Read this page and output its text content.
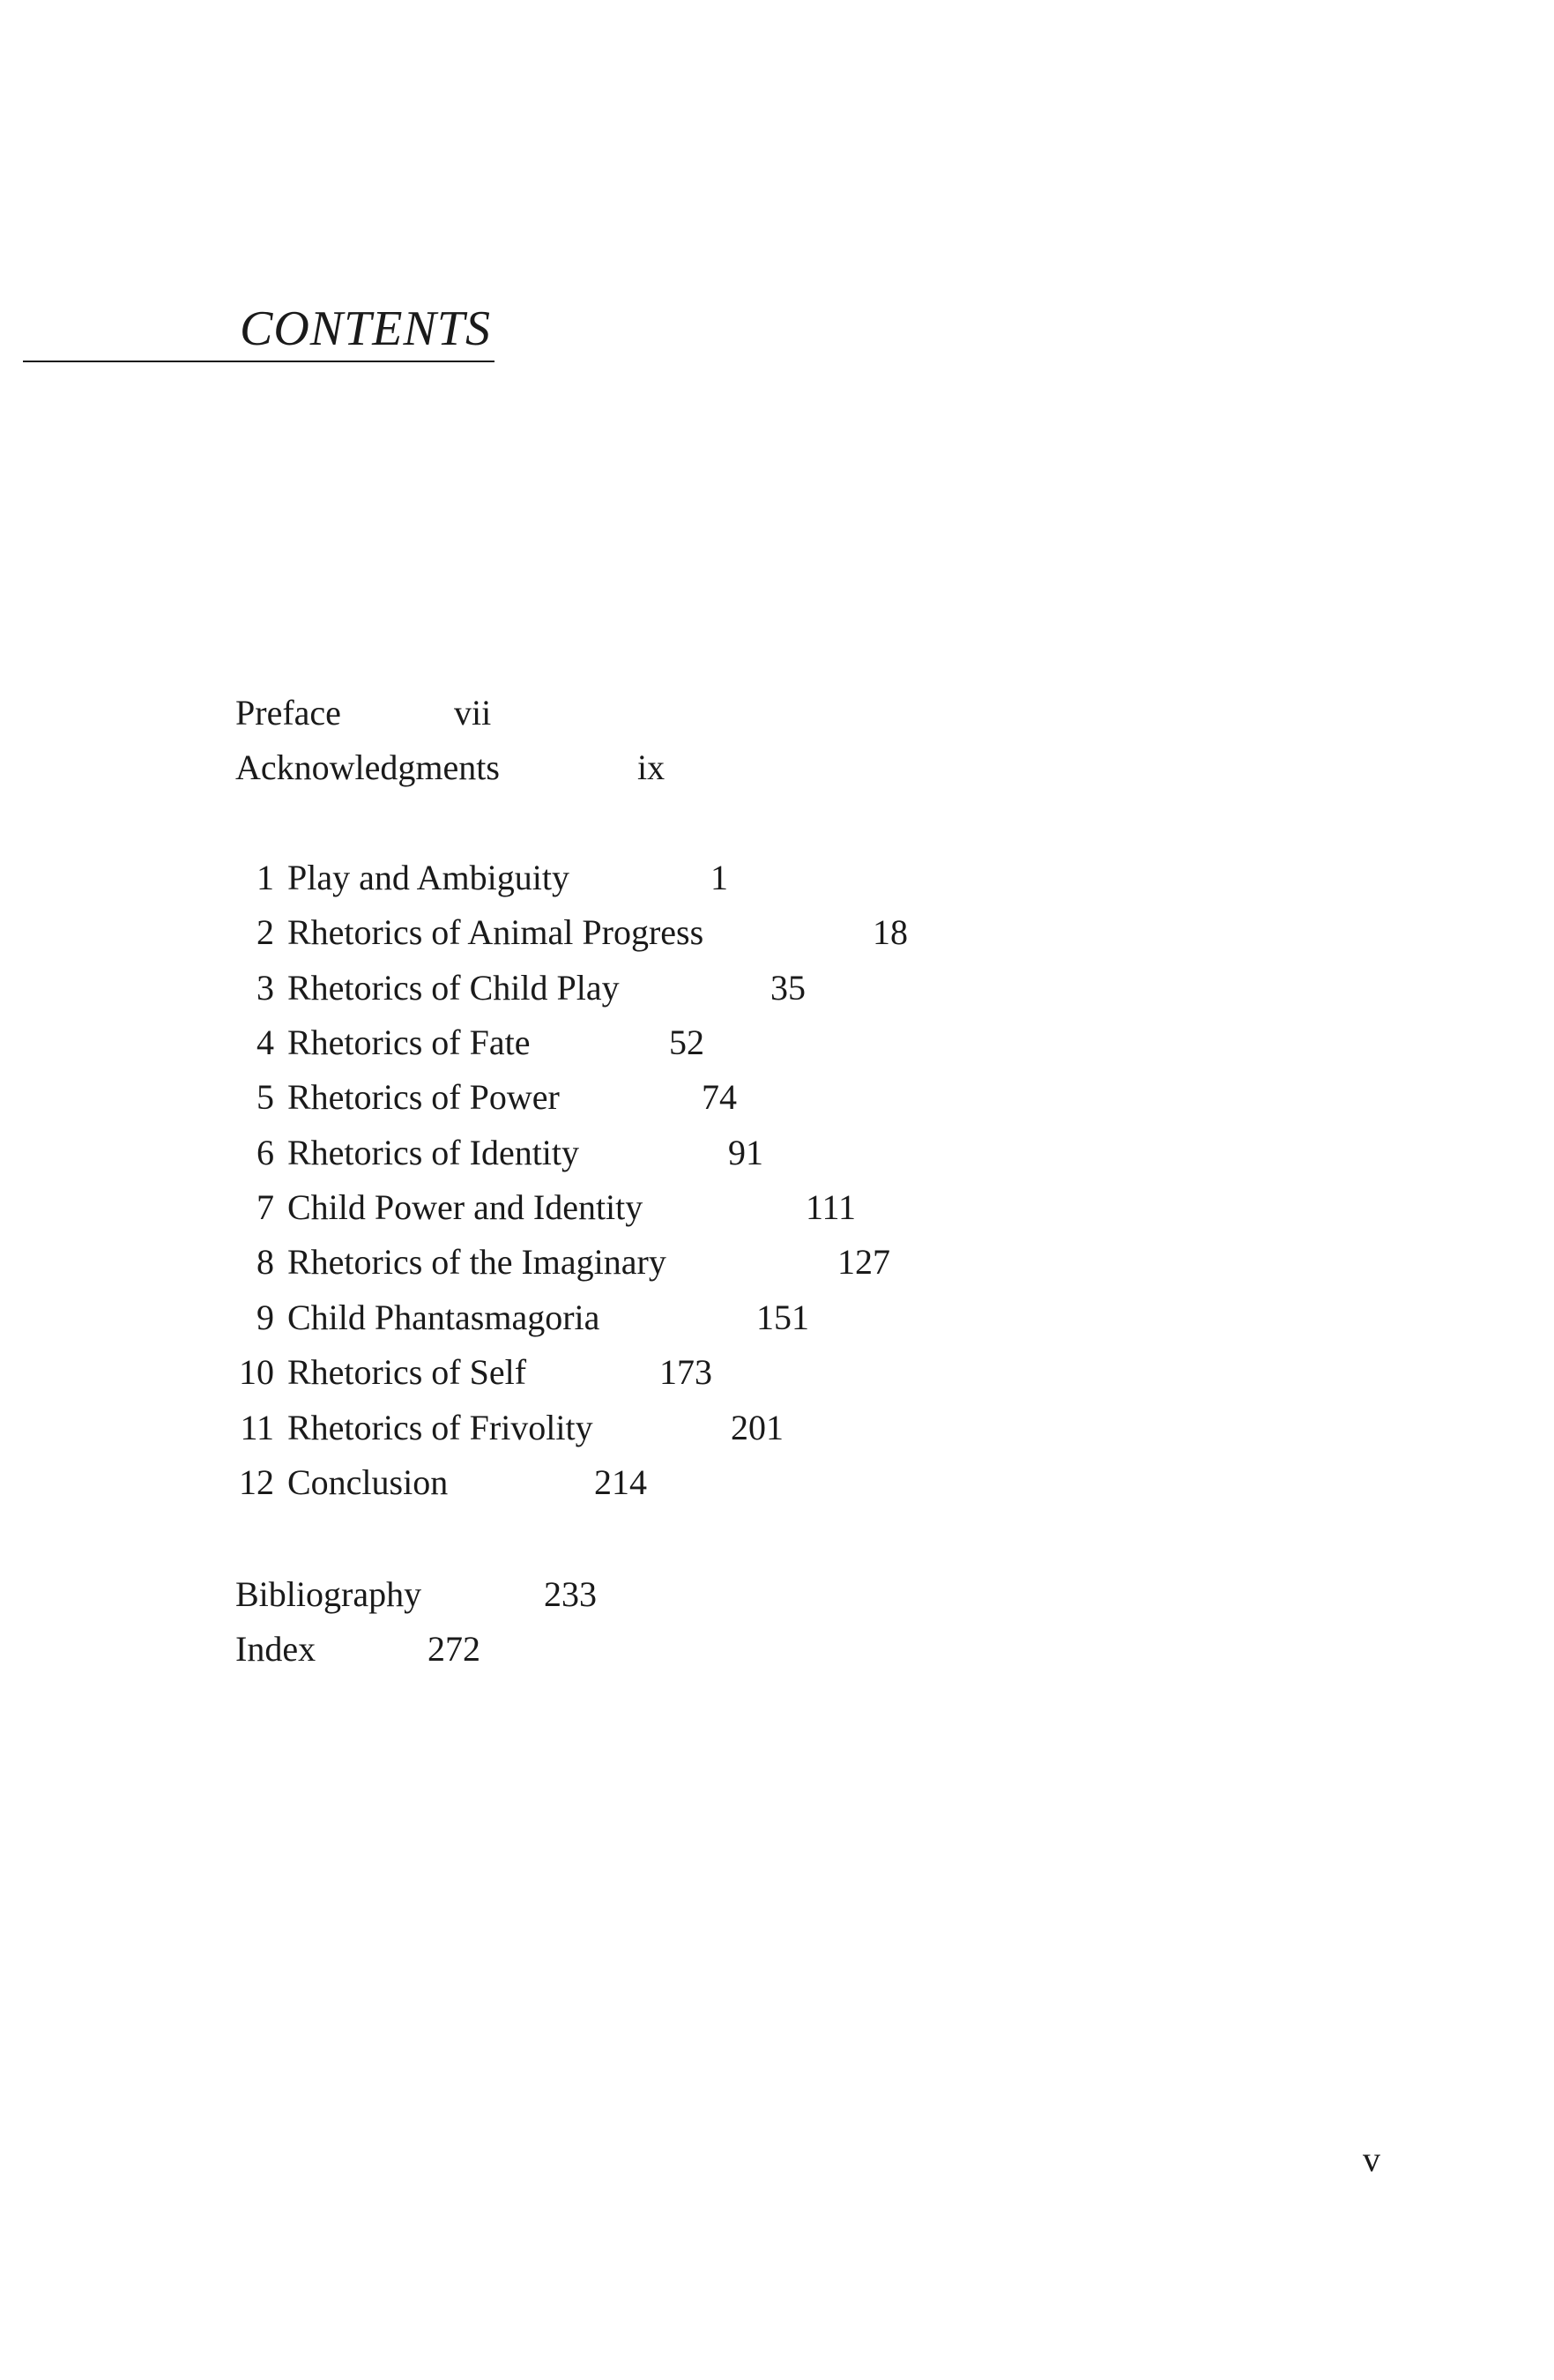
CONTENTS
Preface	vii
Acknowledgments	ix
1 Play and Ambiguity	1
2 Rhetorics of Animal Progress	18
3 Rhetorics of Child Play	35
4 Rhetorics of Fate	52
5 Rhetorics of Power	74
6 Rhetorics of Identity	91
7 Child Power and Identity	111
8 Rhetorics of the Imaginary	127
9 Child Phantasmagoria	151
10 Rhetorics of Self	173
11 Rhetorics of Frivolity	201
12 Conclusion	214
Bibliography	233
Index	272
v
